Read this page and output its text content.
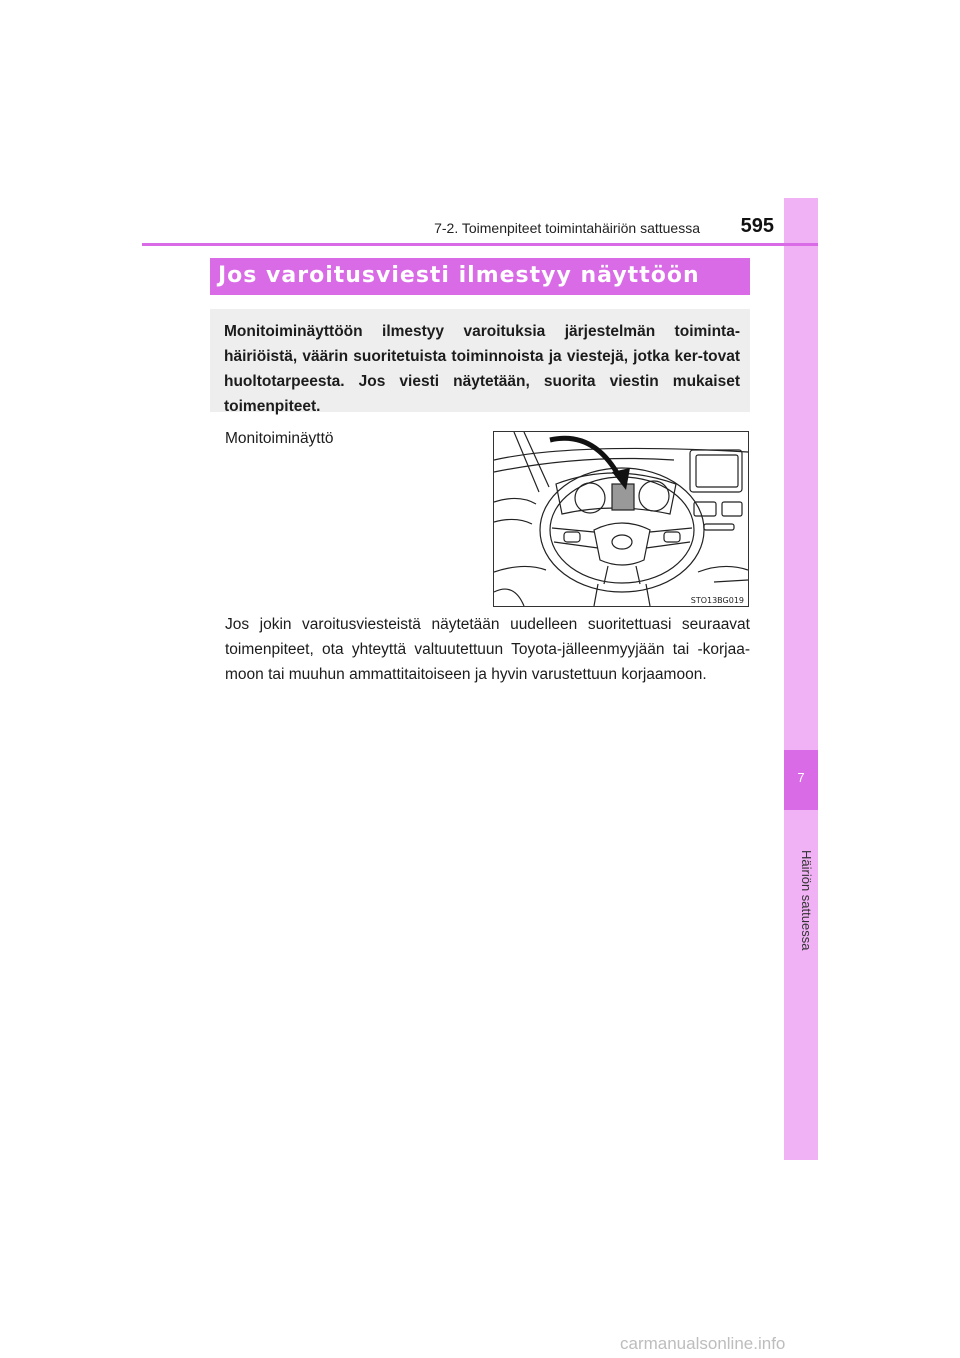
7
Häiriön sattuessa
7-2. Toimenpiteet toimintahäiriön sattuessa	595
Jos varoitusviesti ilmestyy näyttöön

Monitoiminäyttöön ilmestyy varoituksia järjestelmän toiminta-häiriöistä, väärin suoritetuista toiminnoista ja viestejä, jotka ker-tovat huoltotarpeesta. Jos viesti näytetään, suorita viestin mukaiset toimenpiteet.

Monitoiminäyttö
STO13BG019

Jos jokin varoitusviesteistä näytetään uudelleen suoritettuasi seuraavat toimenpiteet, ota yhteyttä valtuutettuun Toyota-jälleenmyyjään tai -korjaa-moon tai muuhun ammattitaitoiseen ja hyvin varustettuun korjaamoon.

carmanualsonline.info
